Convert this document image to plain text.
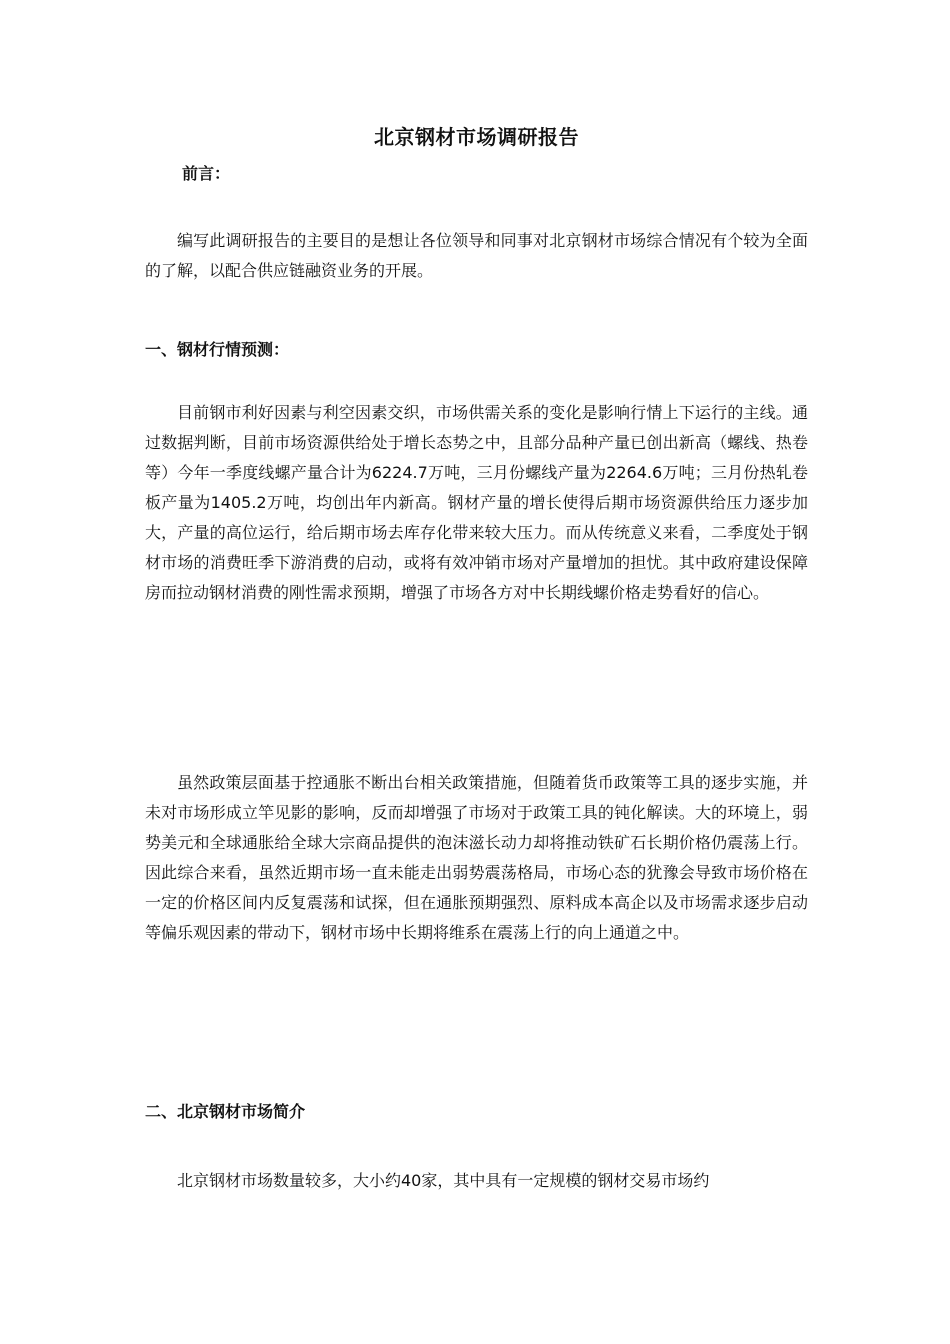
北京钢材市场调研报告
前言：

编写此调研报告的主要目的是想让各位领导和同事对北京钢材市场综合情况有个较为全面的了解，以配合供应链融资业务的开展。

一、钢材行情预测：

目前钢市利好因素与利空因素交织，市场供需关系的变化是影响行情上下运行的主线。通过数据判断，目前市场资源供给处于增长态势之中，且部分品种产量已创出新高（螺线、热卷等）今年一季度线螺产量合计为6224.7万吨，三月份螺线产量为2264.6万吨；三月份热轧卷板产量为1405.2万吨，均创出年内新高。钢材产量的增长使得后期市场资源供给压力逐步加大，产量的高位运行，给后期市场去库存化带来较大压力。而从传统意义来看，二季度处于钢材市场的消费旺季下游消费的启动，或将有效冲销市场对产量增加的担忧。其中政府建设保障房而拉动钢材消费的刚性需求预期，增强了市场各方对中长期线螺价格走势看好的信心。

虽然政策层面基于控通胀不断出台相关政策措施，但随着货币政策等工具的逐步实施，并未对市场形成立竿见影的影响，反而却增强了市场对于政策工具的钝化解读。大的环境上，弱势美元和全球通胀给全球大宗商品提供的泡沫滋长动力却将推动铁矿石长期价格仍震荡上行。因此综合来看，虽然近期市场一直未能走出弱势震荡格局，市场心态的犹豫会导致市场价格在一定的价格区间内反复震荡和试探，但在通胀预期强烈、原料成本高企以及市场需求逐步启动等偏乐观因素的带动下，钢材市场中长期将维系在震荡上行的向上通道之中。

二、北京钢材市场简介

北京钢材市场数量较多，大小约40家，其中具有一定规模的钢材交易市场约
